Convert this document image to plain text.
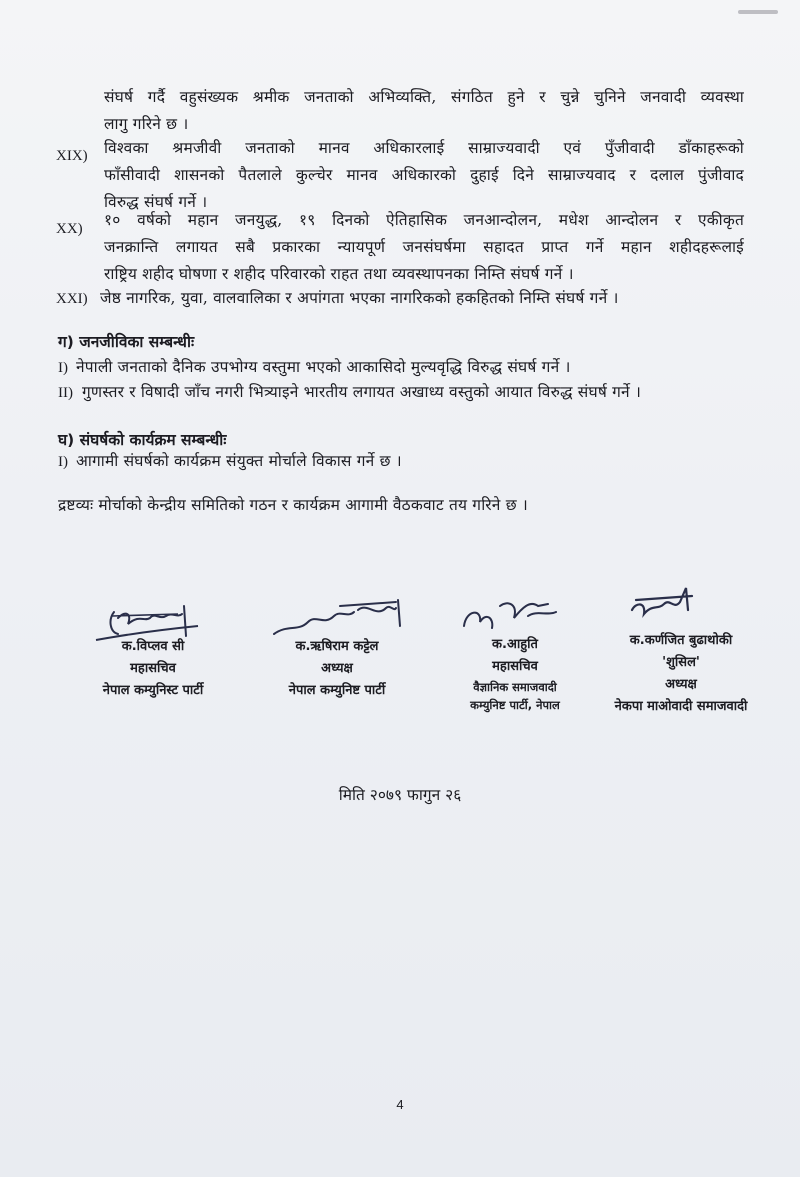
संघर्ष गर्दै वहुसंख्यक श्रमीक जनताको अभिव्यक्ति, संगठित हुने र चुन्ने चुनिने जनवादी व्यवस्था
लागु गरिने छ ।
XIX) विश्वका श्रमजीवी जनताको मानव अधिकारलाई साम्राज्यवादी एवं पुँजीवादी डाँकाहरूको
फाँसीवादी शासनको पैतलाले कुल्चेर मानव अधिकारको दुहाई दिने साम्राज्यवाद र दलाल पुंजीवाद
विरुद्ध संघर्ष गर्ने ।
XX) १० वर्षको महान जनयुद्ध, १९ दिनको ऐतिहासिक जनआन्दोलन, मधेश आन्दोलन र एकीकृत
जनक्रान्ति लगायत सबै प्रकारका न्यायपूर्ण जनसंघर्षमा सहादत प्राप्त गर्ने महान शहीदहरूलाई
राष्ट्रिय शहीद घोषणा र शहीद परिवारको राहत तथा व्यवस्थापनका निम्ति संघर्ष गर्ने ।
XXI) जेष्ठ नागरिक, युवा, वालवालिका र अपांगता भएका नागरिकको हकहितको निम्ति संघर्ष गर्ने ।
ग) जनजीविका सम्बन्धीः
I) नेपाली जनताको दैनिक उपभोग्य वस्तुमा भएको आकासिदो मुल्यवृद्धि विरुद्ध संघर्ष गर्ने ।
II) गुणस्तर र विषादी जाँच नगरी भित्र्याइने भारतीय लगायत अखाध्य वस्तुको आयात विरुद्ध संघर्ष गर्ने ।
घ) संघर्षको कार्यक्रम सम्बन्धीः
I) आगामी संघर्षको कार्यक्रम संयुक्त मोर्चाले विकास गर्ने छ ।
द्रष्टव्यः मोर्चाको केन्द्रीय समितिको गठन र कार्यक्रम आगामी वैठकवाट तय गरिने छ ।
क.विप्लव सी
महासचिव
नेपाल कम्युनिस्ट पार्टी
क.ऋषिराम कट्टेल
अध्यक्ष
नेपाल कम्युनिष्ट पार्टी
क.आहुति
महासचिव
वैज्ञानिक समाजवादी
कम्युनिष्ट पार्टी, नेपाल
क.कर्णजित बुढाथोकी
'शुसिल'
अध्यक्ष
नेकपा माओवादी समाजवादी
मिति २०७९ फागुन २६
4
